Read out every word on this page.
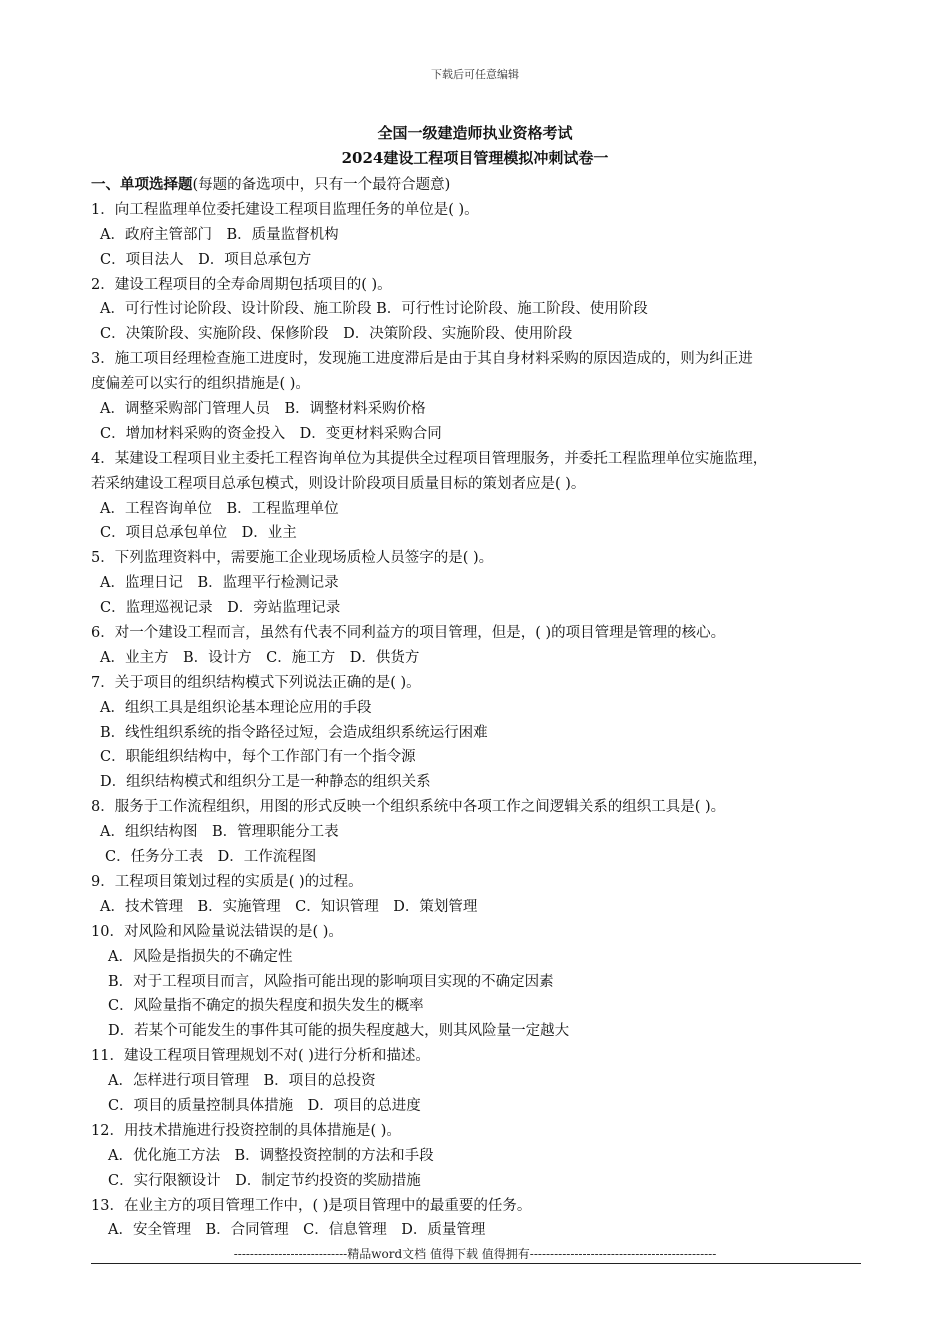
下载后可任意编辑
全国一级建造师执业资格考试
2024建设工程项目管理模拟冲刺试卷一
一、单项选择题(每题的备选项中，只有一个最符合题意)
1．向工程监理单位委托建设工程项目监理任务的单位是( )。
A．政府主管部门　B．质量监督机构
C．项目法人　D．项目总承包方
2．建设工程项目的全寿命周期包括项目的( )。
A．可行性讨论阶段、设计阶段、施工阶段 B．可行性讨论阶段、施工阶段、使用阶段
C．决策阶段、实施阶段、保修阶段　D．决策阶段、实施阶段、使用阶段
3．施工项目经理检查施工进度时，发现施工进度滞后是由于其自身材料采购的原因造成的，则为纠正进
度偏差可以实行的组织措施是( )。
A．调整采购部门管理人员　B．调整材料采购价格
C．增加材料采购的资金投入　D．变更材料采购合同
4．某建设工程项目业主委托工程咨询单位为其提供全过程项目管理服务，并委托工程监理单位实施监理，
若采纳建设工程项目总承包模式，则设计阶段项目质量目标的策划者应是( )。
A．工程咨询单位　B．工程监理单位
C．项目总承包单位　D．业主
5．下列监理资料中，需要施工企业现场质检人员签字的是( )。
A．监理日记　B．监理平行检测记录
C．监理巡视记录　D．旁站监理记录
6．对一个建设工程而言，虽然有代表不同利益方的项目管理，但是，( )的项目管理是管理的核心。
A．业主方　B．设计方　C．施工方　D．供货方
7．关于项目的组织结构模式下列说法正确的是( )。
A．组织工具是组织论基本理论应用的手段
B．线性组织系统的指令路径过短，会造成组织系统运行困难
C．职能组织结构中，每个工作部门有一个指令源
D．组织结构模式和组织分工是一种静态的组织关系
8．服务于工作流程组织，用图的形式反映一个组织系统中各项工作之间逻辑关系的组织工具是( )。
A．组织结构图　B．管理职能分工表
C．任务分工表　D．工作流程图
9．工程项目策划过程的实质是( )的过程。
A．技术管理　B．实施管理　C．知识管理　D．策划管理
10．对风险和风险量说法错误的是( )。
A．风险是指损失的不确定性
B．对于工程项目而言，风险指可能出现的影响项目实现的不确定因素
C．风险量指不确定的损失程度和损失发生的概率
D．若某个可能发生的事件其可能的损失程度越大，则其风险量一定越大
11．建设工程项目管理规划不对( )进行分析和描述。
A．怎样进行项目管理　B．项目的总投资
C．项目的质量控制具体措施　D．项目的总进度
12．用技术措施进行投资控制的具体措施是( )。
A．优化施工方法　B．调整投资控制的方法和手段
C．实行限额设计　D．制定节约投资的奖励措施
13．在业主方的项目管理工作中，( )是项目管理中的最重要的任务。
A．安全管理　B．合同管理　C．信息管理　D．质量管理
----------------------------精品word文档 值得下载 值得拥有----------------------------------------------
